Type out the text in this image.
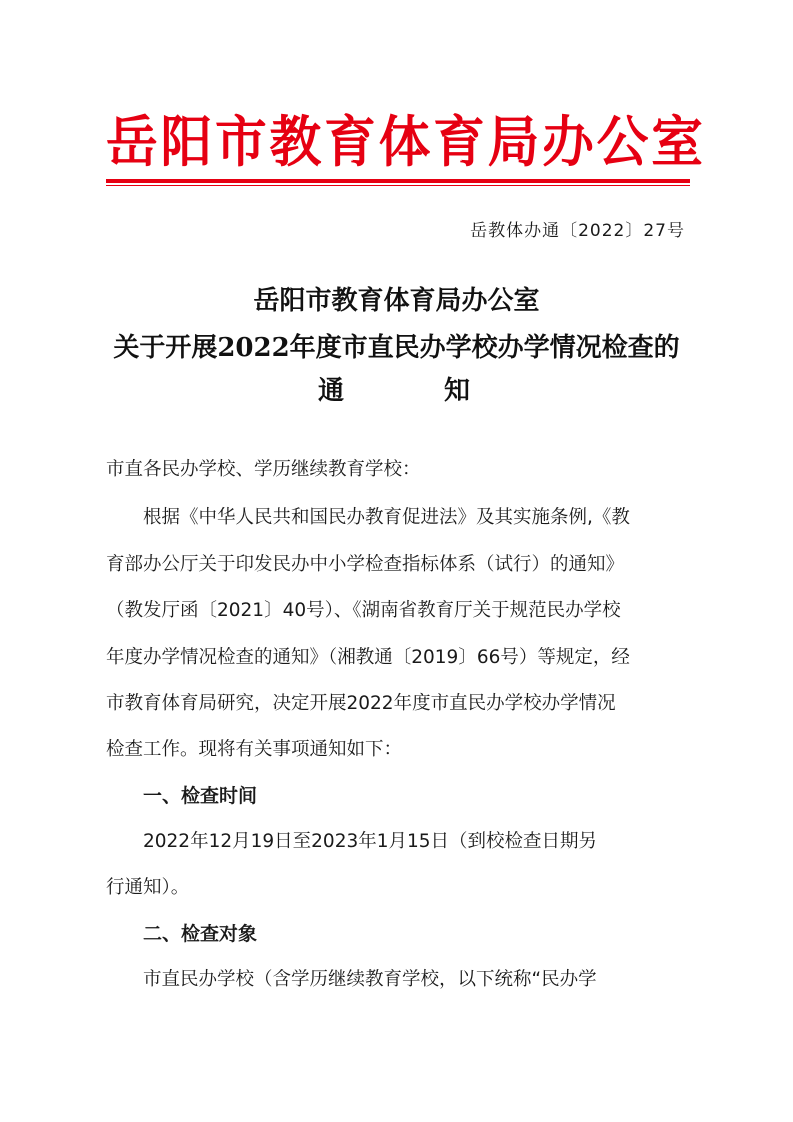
岳阳市教育体育局办公室
岳教体办通〔2022〕27号
岳阳市教育体育局办公室
关于开展2022年度市直民办学校办学情况检查的
通	知
市直各民办学校、学历继续教育学校：
根据《中华人民共和国民办教育促进法》及其实施条例,《教
育部办公厅关于印发民办中小学检查指标体系（试行）的通知》
（教发厅函〔2021〕40号）、《湖南省教育厅关于规范民办学校
年度办学情况检查的通知》（湘教通〔2019〕66号）等规定，经
市教育体育局研究，决定开展2022年度市直民办学校办学情况
检查工作。现将有关事项通知如下：
一、检查时间
2022年12月19日至2023年1月15日（到校检查日期另
行通知）。
二、检查对象
市直民办学校（含学历继续教育学校，以下统称“民办学
